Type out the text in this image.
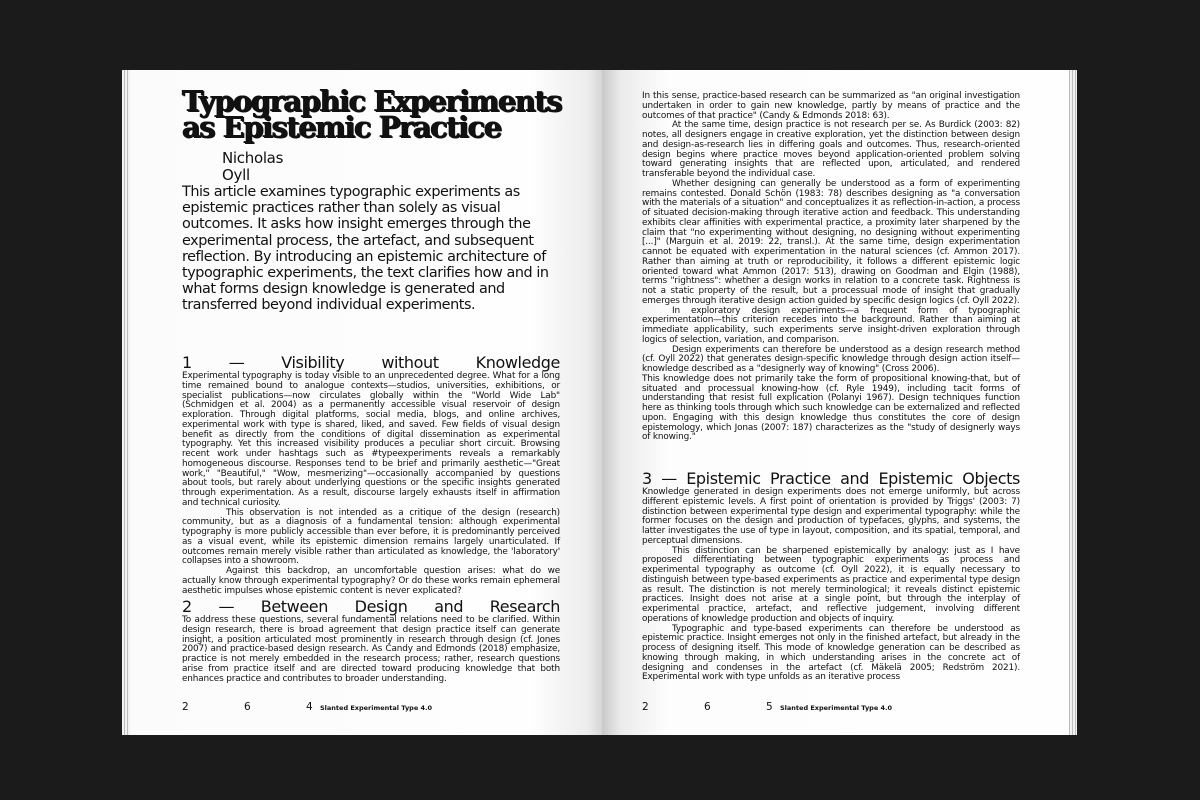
Typographic Experiments as Epistemic Practice
Nicholas
Oyll

This article examines typographic experiments as epistemic practices rather than solely as visual outcomes. It asks how insight emerges through the experimental process, the artefact, and subsequent reflection. By introducing an epistemic architecture of typographic experiments, the text clarifies how and in what forms design knowledge is generated and transferred beyond individual experiments.

1 — Visibility without Knowledge

Experimental typography is today visible to an unprecedented degree. What for a long time remained bound to analogue contexts—studios, universities, exhibitions, or specialist publications—now circulates globally within the "World Wide Lab" (Schmidgen et al. 2004) as a permanently accessible visual reservoir of design exploration. Through digital platforms, social media, blogs, and online archives, experimental work with type is shared, liked, and saved. Few fields of visual design benefit as directly from the conditions of digital dissemination as experimental typography. Yet this increased visibility produces a peculiar short circuit. Browsing recent work under hashtags such as #typeexperiments reveals a remarkably homogeneous discourse. Responses tend to be brief and primarily aesthetic—"Great work," "Beautiful," "Wow, mesmerizing"—occasionally accompanied by questions about tools, but rarely about underlying questions or the specific insights generated through experimentation. As a result, discourse largely exhausts itself in affirmation and technical curiosity.

This observation is not intended as a critique of the design (research) community, but as a diagnosis of a fundamental tension: although experimental typography is more publicly accessible than ever before, it is predominantly perceived as a visual event, while its epistemic dimension remains largely unarticulated. If outcomes remain merely visible rather than articulated as knowledge, the 'laboratory' collapses into a showroom.

Against this backdrop, an uncomfortable question arises: what do we actually know through experimental typography? Or do these works remain ephemeral aesthetic impulses whose epistemic content is never explicated?

2 — Between Design and Research

To address these questions, several fundamental relations need to be clarified. Within design research, there is broad agreement that design practice itself can generate insight, a position articulated most prominently in research through design (cf. Jones 2007) and practice-based design research. As Candy and Edmonds (2018) emphasize, practice is not merely embedded in the research process; rather, research questions arise from practice itself and are directed toward producing knowledge that both enhances practice and contributes to broader understanding.

2	6	4	Slanted Experimental Type 4.0

In this sense, practice-based research can be summarized as "an original investigation undertaken in order to gain new knowledge, partly by means of practice and the outcomes of that practice" (Candy & Edmonds 2018: 63).

At the same time, design practice is not research per se. As Burdick (2003: 82) notes, all designers engage in creative exploration, yet the distinction between design and design-as-research lies in differing goals and outcomes. Thus, research-oriented design begins where practice moves beyond application-oriented problem solving toward generating insights that are reflected upon, articulated, and rendered transferable beyond the individual case.

Whether designing can generally be understood as a form of experimenting remains contested. Donald Schön (1983: 78) describes designing as "a conversation with the materials of a situation" and conceptualizes it as reflection-in-action, a process of situated decision-making through iterative action and feedback. This understanding exhibits clear affinities with experimental practice, a proximity later sharpened by the claim that "no experimenting without designing, no designing without experimenting [...]" (Marguin et al. 2019: 22, transl.). At the same time, design experimentation cannot be equated with experimentation in the natural sciences (cf. Ammon 2017). Rather than aiming at truth or reproducibility, it follows a different epistemic logic oriented toward what Ammon (2017: 513), drawing on Goodman and Elgin (1988), terms "rightness": whether a design works in relation to a concrete task. Rightness is not a static property of the result, but a processual mode of insight that gradually emerges through iterative design action guided by specific design logics (cf. Oyll 2022).

In exploratory design experiments—a frequent form of typographic experimentation—this criterion recedes into the background. Rather than aiming at immediate applicability, such experiments serve insight-driven exploration through logics of selection, variation, and comparison.

Design experiments can therefore be understood as a design research method (cf. Oyll 2022) that generates design-specific knowledge through design action itself—knowledge described as a "designerly way of knowing" (Cross 2006).

This knowledge does not primarily take the form of propositional knowing-that, but of situated and processual knowing-how (cf. Ryle 1949), including tacit forms of understanding that resist full explication (Polanyi 1967). Design techniques function here as thinking tools through which such knowledge can be externalized and reflected upon. Engaging with this design knowledge thus constitutes the core of design epistemology, which Jonas (2007: 187) characterizes as the "study of designerly ways of knowing."

3 — Epistemic Practice and Epistemic Objects

Knowledge generated in design experiments does not emerge uniformly, but across different epistemic levels. A first point of orientation is provided by Triggs' (2003: 7) distinction between experimental type design and experimental typography: while the former focuses on the design and production of typefaces, glyphs, and systems, the latter investigates the use of type in layout, composition, and its spatial, temporal, and perceptual dimensions.

This distinction can be sharpened epistemically by analogy: just as I have proposed differentiating between typographic experiments as process and experimental typography as outcome (cf. Oyll 2022), it is equally necessary to distinguish between type-based experiments as practice and experimental type design as result. The distinction is not merely terminological; it reveals distinct epistemic practices. Insight does not arise at a single point, but through the interplay of experimental practice, artefact, and reflective judgement, involving different operations of knowledge production and objects of inquiry.

Typographic and type-based experiments can therefore be understood as epistemic practice. Insight emerges not only in the finished artefact, but already in the process of designing itself. This mode of knowledge generation can be described as knowing through making, in which understanding arises in the concrete act of designing and condenses in the artefact (cf. Mäkelä 2005; Redström 2021). Experimental work with type unfolds as an iterative process

2	6	5	Slanted Experimental Type 4.0
